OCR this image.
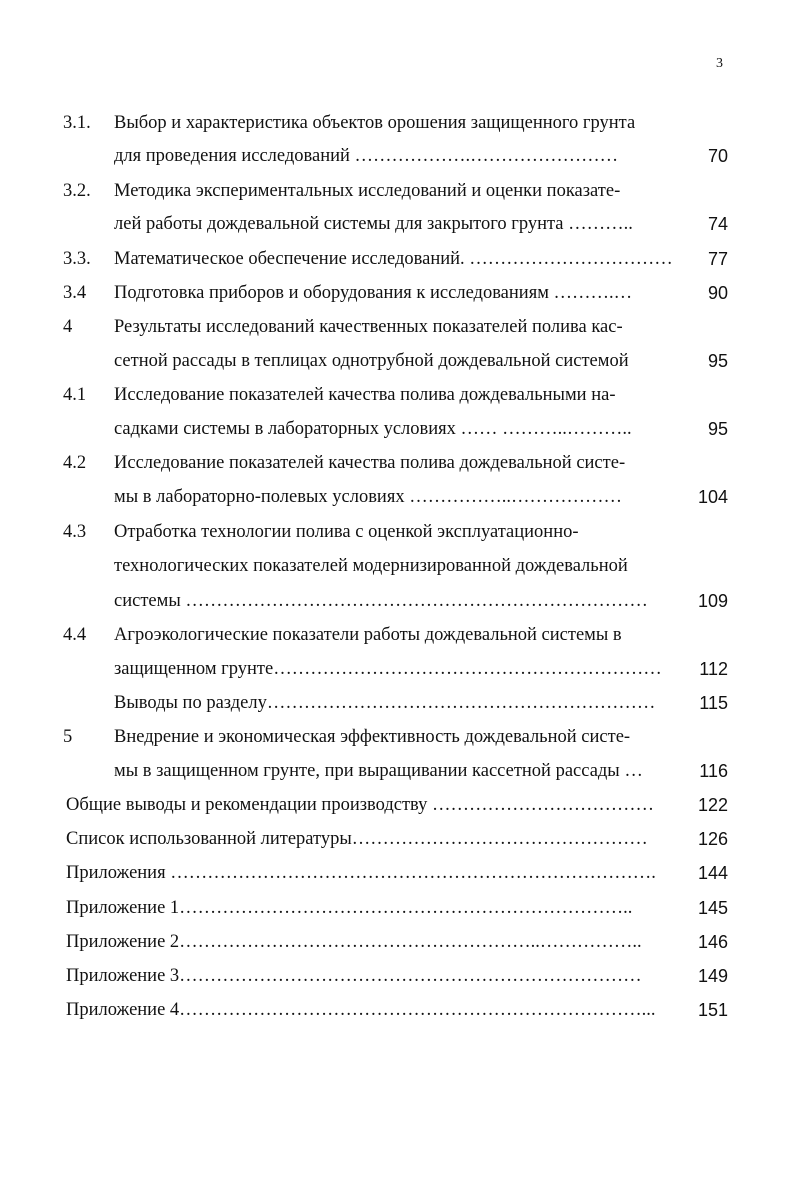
3
3.1. Выбор и характеристика объектов орошения защищенного грунта
для проведения исследований ……………….……………………	70
3.2. Методика экспериментальных исследований и оценки показате-
лей работы дождевальной системы для закрытого грунта ………..	74
3.3. Математическое обеспечение исследований. …………………………… 77
3.4 Подготовка приборов и оборудования к исследованиям ……….…	90
4 Результаты исследований качественных показателей полива кас-
сетной рассады в теплицах однотрубной дождевальной системой	95
4.1 Исследование показателей качества полива дождевальными на-
садками системы в лабораторных условиях …… ………..………..	95
4.2 Исследование показателей качества полива дождевальной систе-
мы в лабораторно-полевых условиях ……………..………………	104
4.3 Отработка технологии полива с оценкой эксплуатационно-
технологических показателей модернизированной дождевальной
системы …………………………………………………………………	109
4.4 Агроэкологические показатели работы дождевальной системы в
защищенном грунте……………………………………………………… 112
Выводы по разделу……………………………………………………… 115
5 Внедрение и экономическая эффективность дождевальной систе-
мы в защищенном грунте, при выращивании кассетной рассады …	116
Общие выводы и рекомендации производству ……………………………… 122
Список использованной литературы…………………………………………	126
Приложения ……………………………………………………………………. 144
Приложение 1………………………………………………………………..	145
Приложение 2…………………………………………………..……………..	146
Приложение 3…………………………………………………………………	149
Приложение 4…………………………………………………………………... 151
